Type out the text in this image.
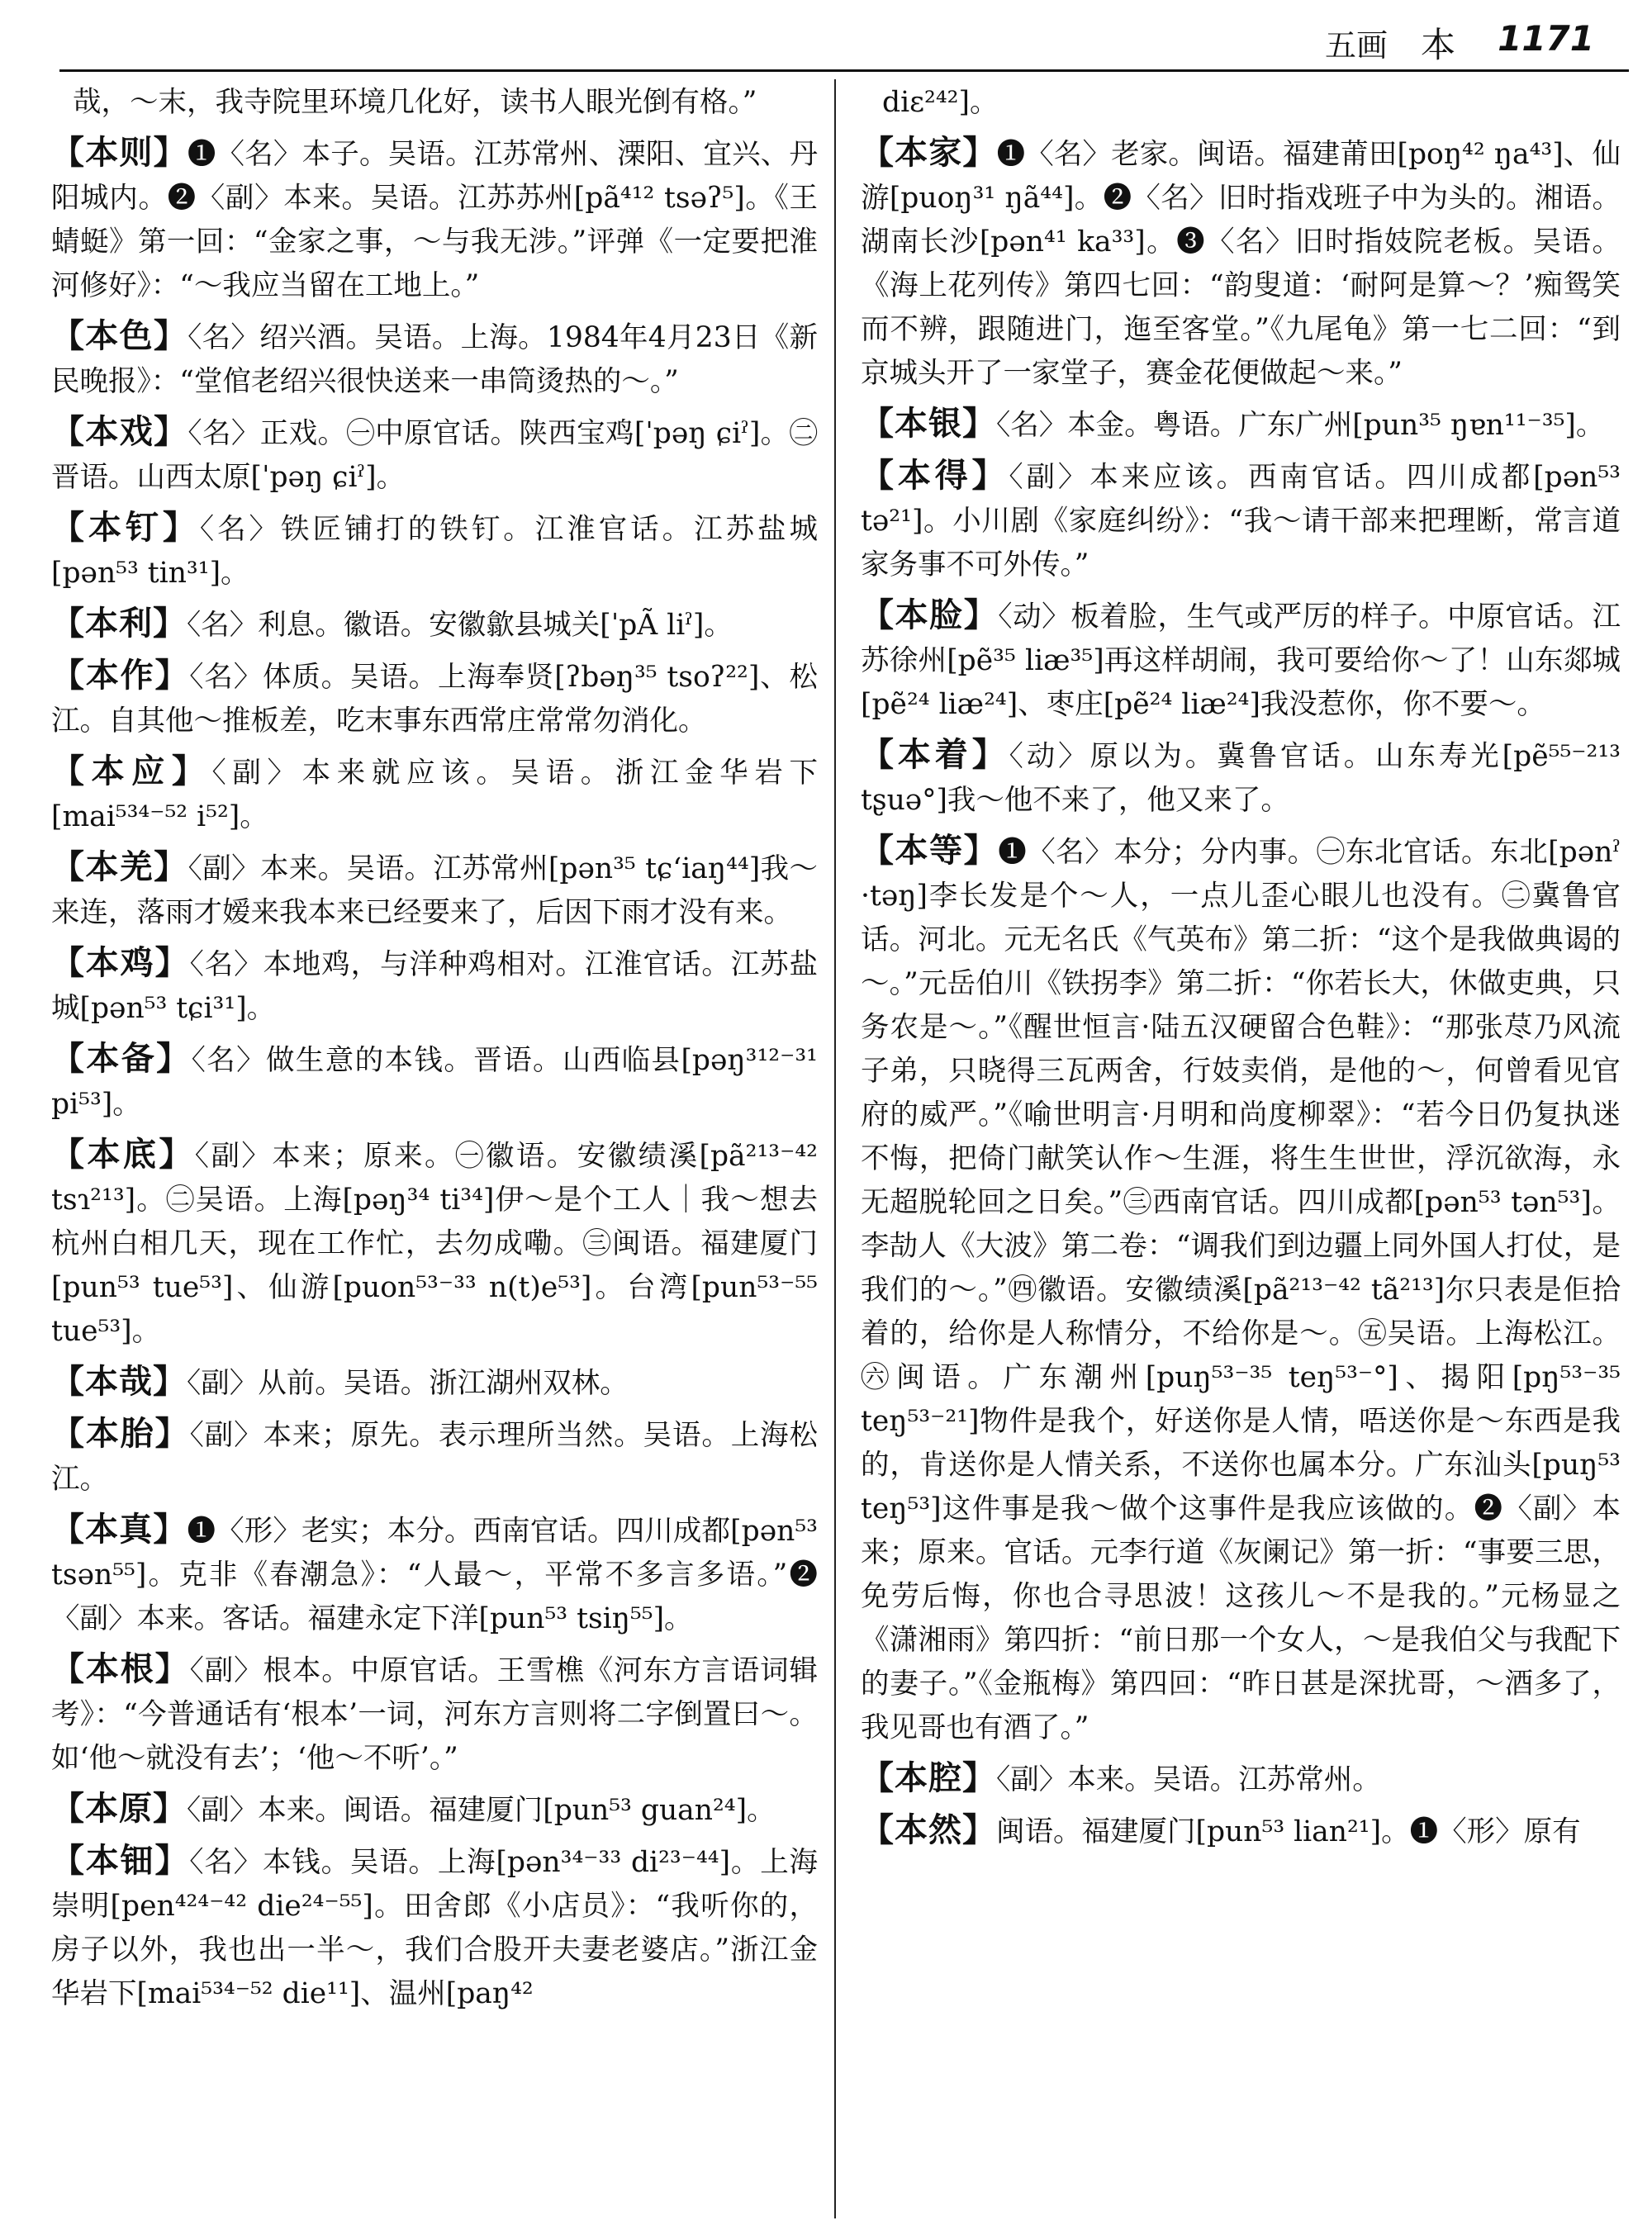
五画 本 1171

哉，～末，我寺院里环境几化好，读书人眼光倒有格。”

【本则】❶〈名〉本子。吴语。江苏常州、溧阳、宜兴、丹阳城内。❷〈副〉本来。吴语。江苏苏州[pã⁴¹² tsəʔ⁵]。《王蜻蜓》第一回：“金家之事，～与我无涉。”评弹《一定要把淮河修好》：“～我应当留在工地上。”

【本色】〈名〉绍兴酒。吴语。上海。1984年4月23日《新民晚报》：“堂倌老绍兴很快送来一串筒烫热的～。”

【本戏】〈名〉正戏。㊀中原官话。陕西宝鸡[ˈpəŋ ɕiˀ]。㊁晋语。山西太原[ˈpəŋ ɕiˀ]。

【本钉】〈名〉铁匠铺打的铁钉。江淮官话。江苏盐城[pən⁵³ tin³¹]。

【本利】〈名〉利息。徽语。安徽歙县城关[ˈpÃ liˀ]。

【本作】〈名〉体质。吴语。上海奉贤[ʔbəŋ³⁵ tsoʔ²²]、松江。自其他～推板差，吃末事东西常庄常常勿消化。

【本应】〈副〉本来就应该。吴语。浙江金华岩下[mai⁵³⁴⁻⁵² i⁵²]。

【本羌】〈副〉本来。吴语。江苏常州[pən³⁵ tɕʻiaŋ⁴⁴]我～来连，落雨才嫒来我本来已经要来了，后因下雨才没有来。

【本鸡】〈名〉本地鸡，与洋种鸡相对。江淮官话。江苏盐城[pən⁵³ tɕi³¹]。

【本备】〈名〉做生意的本钱。晋语。山西临县[pəŋ³¹²⁻³¹ pi⁵³]。

【本底】〈副〉本来；原来。㊀徽语。安徽绩溪[pã²¹³⁻⁴² tsɿ²¹³]。㊁吴语。上海[pəŋ³⁴ ti³⁴]伊～是个工人｜我～想去杭州白相几天，现在工作忙，去勿成嘞。㊂闽语。福建厦门[pun⁵³ tue⁵³]、仙游[puon⁵³⁻³³ n(t)e⁵³]。台湾[pun⁵³⁻⁵⁵ tue⁵³]。

【本哉】〈副〉从前。吴语。浙江湖州双林。

【本胎】〈副〉本来；原先。表示理所当然。吴语。上海松江。

【本真】❶〈形〉老实；本分。西南官话。四川成都[pən⁵³ tsən⁵⁵]。克非《春潮急》：“人最～，平常不多言多语。”❷〈副〉本来。客话。福建永定下洋[pun⁵³ tsiŋ⁵⁵]。

【本根】〈副〉根本。中原官话。王雪樵《河东方言语词辑考》：“今普通话有‘根本’一词，河东方言则将二字倒置曰～。如‘他～就没有去’；‘他～不听’。”

【本原】〈副〉本来。闽语。福建厦门[pun⁵³ guan²⁴]。

【本钿】〈名〉本钱。吴语。上海[pən³⁴⁻³³ di²³⁻⁴⁴]。上海崇明[pen⁴²⁴⁻⁴² die²⁴⁻⁵⁵]。田舍郎《小店员》：“我听你的，房子以外，我也出一半～，我们合股开夫妻老婆店。”浙江金华岩下[mai⁵³⁴⁻⁵² die¹¹]、温州[paŋ⁴²

diɛ²⁴²]。

【本家】❶〈名〉老家。闽语。福建莆田[poŋ⁴² ŋa⁴³]、仙游[puoŋ³¹ ŋã⁴⁴]。❷〈名〉旧时指戏班子中为头的。湘语。湖南长沙[pən⁴¹ ka³³]。❸〈名〉旧时指妓院老板。吴语。《海上花列传》第四七回：“韵叟道：‘耐阿是算～？’痴鸳笑而不辨，跟随进门，迤至客堂。”《九尾龟》第一七二回：“到京城头开了一家堂子，赛金花便做起～来。”

【本银】〈名〉本金。粤语。广东广州[pun³⁵ ŋɐn¹¹⁻³⁵]。

【本得】〈副〉本来应该。西南官话。四川成都[pən⁵³ tə²¹]。小川剧《家庭纠纷》：“我～请干部来把理断，常言道家务事不可外传。”

【本脸】〈动〉板着脸，生气或严厉的样子。中原官话。江苏徐州[pẽ³⁵ liæ³⁵]再这样胡闹，我可要给你～了！山东郯城[pẽ²⁴ liæ²⁴]、枣庄[pẽ²⁴ liæ²⁴]我没惹你，你不要～。

【本着】〈动〉原以为。冀鲁官话。山东寿光[pẽ⁵⁵⁻²¹³ tʂuə°]我～他不来了，他又来了。

【本等】❶〈名〉本分；分内事。㊀东北官话。东北[pənˀ ·təŋ]李长发是个～人，一点儿歪心眼儿也没有。㊁冀鲁官话。河北。元无名氏《气英布》第二折：“这个是我做典谒的～。”元岳伯川《铁拐李》第二折：“你若长大，休做吏典，只务农是～。”《醒世恒言·陆五汉硬留合色鞋》：“那张荩乃风流子弟，只晓得三瓦两舍，行妓卖俏，是他的～，何曾看见官府的威严。”《喻世明言·月明和尚度柳翠》：“若今日仍复执迷不悔，把倚门献笑认作～生涯，将生生世世，浮沉欲海，永无超脱轮回之日矣。”㊂西南官话。四川成都[pən⁵³ tən⁵³]。李劼人《大波》第二卷：“调我们到边疆上同外国人打仗，是我们的～。”㊃徽语。安徽绩溪[pã²¹³⁻⁴² tã²¹³]尔只表是佢拾着的，给你是人称情分，不给你是～。㊄吴语。上海松江。㊅闽语。广东潮州[puŋ⁵³⁻³⁵ teŋ⁵³⁻°]、揭阳[pŋ⁵³⁻³⁵ teŋ⁵³⁻²¹]物件是我个，好送你是人情，唔送你是～东西是我的，肯送你是人情关系，不送你也属本分。广东汕头[puŋ⁵³ teŋ⁵³]这件事是我～做个这事件是我应该做的。❷〈副〉本来；原来。官话。元李行道《灰阑记》第一折：“事要三思，免劳后悔，你也合寻思波！这孩儿～不是我的。”元杨显之《潇湘雨》第四折：“前日那一个女人，～是我伯父与我配下的妻子。”《金瓶梅》第四回：“昨日甚是深扰哥，～酒多了，我见哥也有酒了。”

【本腔】〈副〉本来。吴语。江苏常州。

【本然】闽语。福建厦门[pun⁵³ lian²¹]。❶〈形〉原有
